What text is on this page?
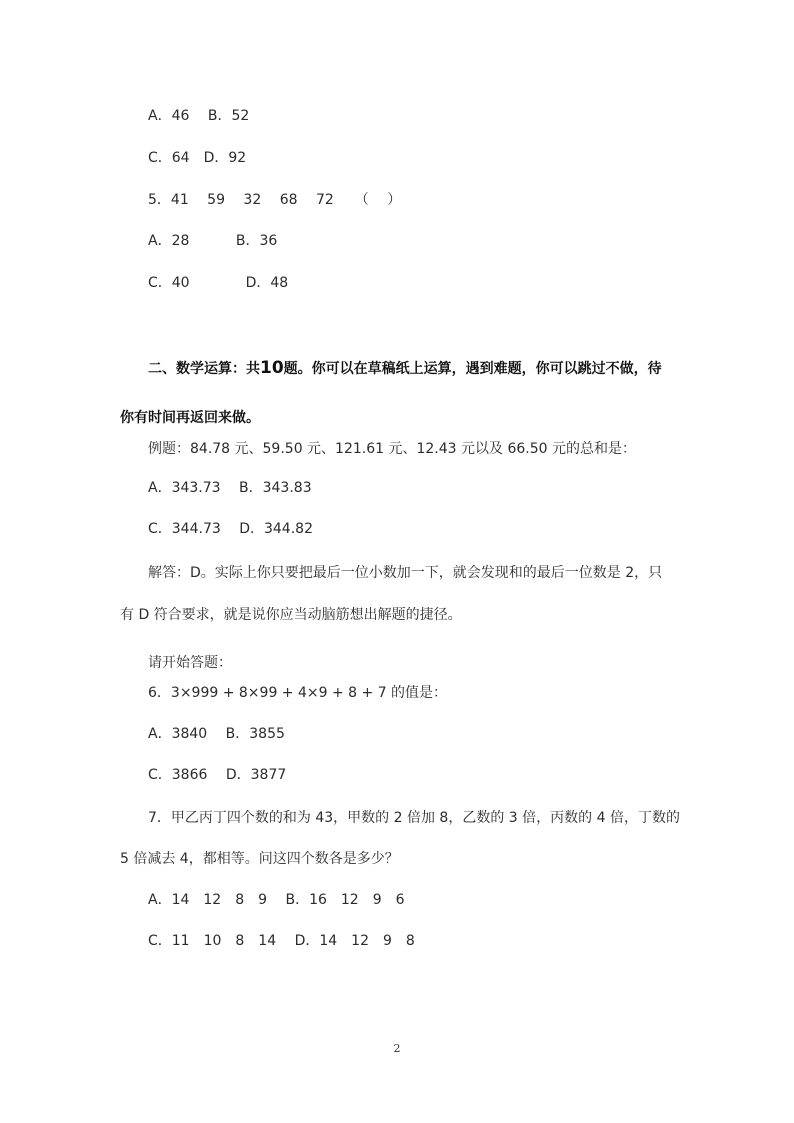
A．46　 B．52
C．64　D．92
5．41　 59　 32　 68　 72　　（　 ）
A．28　　　 B．36
C．40　　　　D．48
二、数学运算：共10题。你可以在草稿纸上运算，遇到难题，你可以跳过不做，待
你有时间再返回来做。
例题：84.78 元、59.50 元、121.61 元、12.43 元以及 66.50 元的总和是：
A．343.73　 B．343.83
C．344.73　 D．344.82
解答：D。实际上你只要把最后一位小数加一下，就会发现和的最后一位数是 2，只
有 D 符合要求，就是说你应当动脑筋想出解题的捷径。
请开始答题：
6．3×999 + 8×99 + 4×9 + 8 + 7 的值是：
A．3840　 B．3855
C．3866　 D．3877
7．甲乙丙丁四个数的和为 43，甲数的 2 倍加 8，乙数的 3 倍，丙数的 4 倍，丁数的
5 倍减去 4，都相等。问这四个数各是多少？
A．14　12　8　9　 B．16　12　9　6
C．11　10　8　14　 D．14　12　9　8
2
